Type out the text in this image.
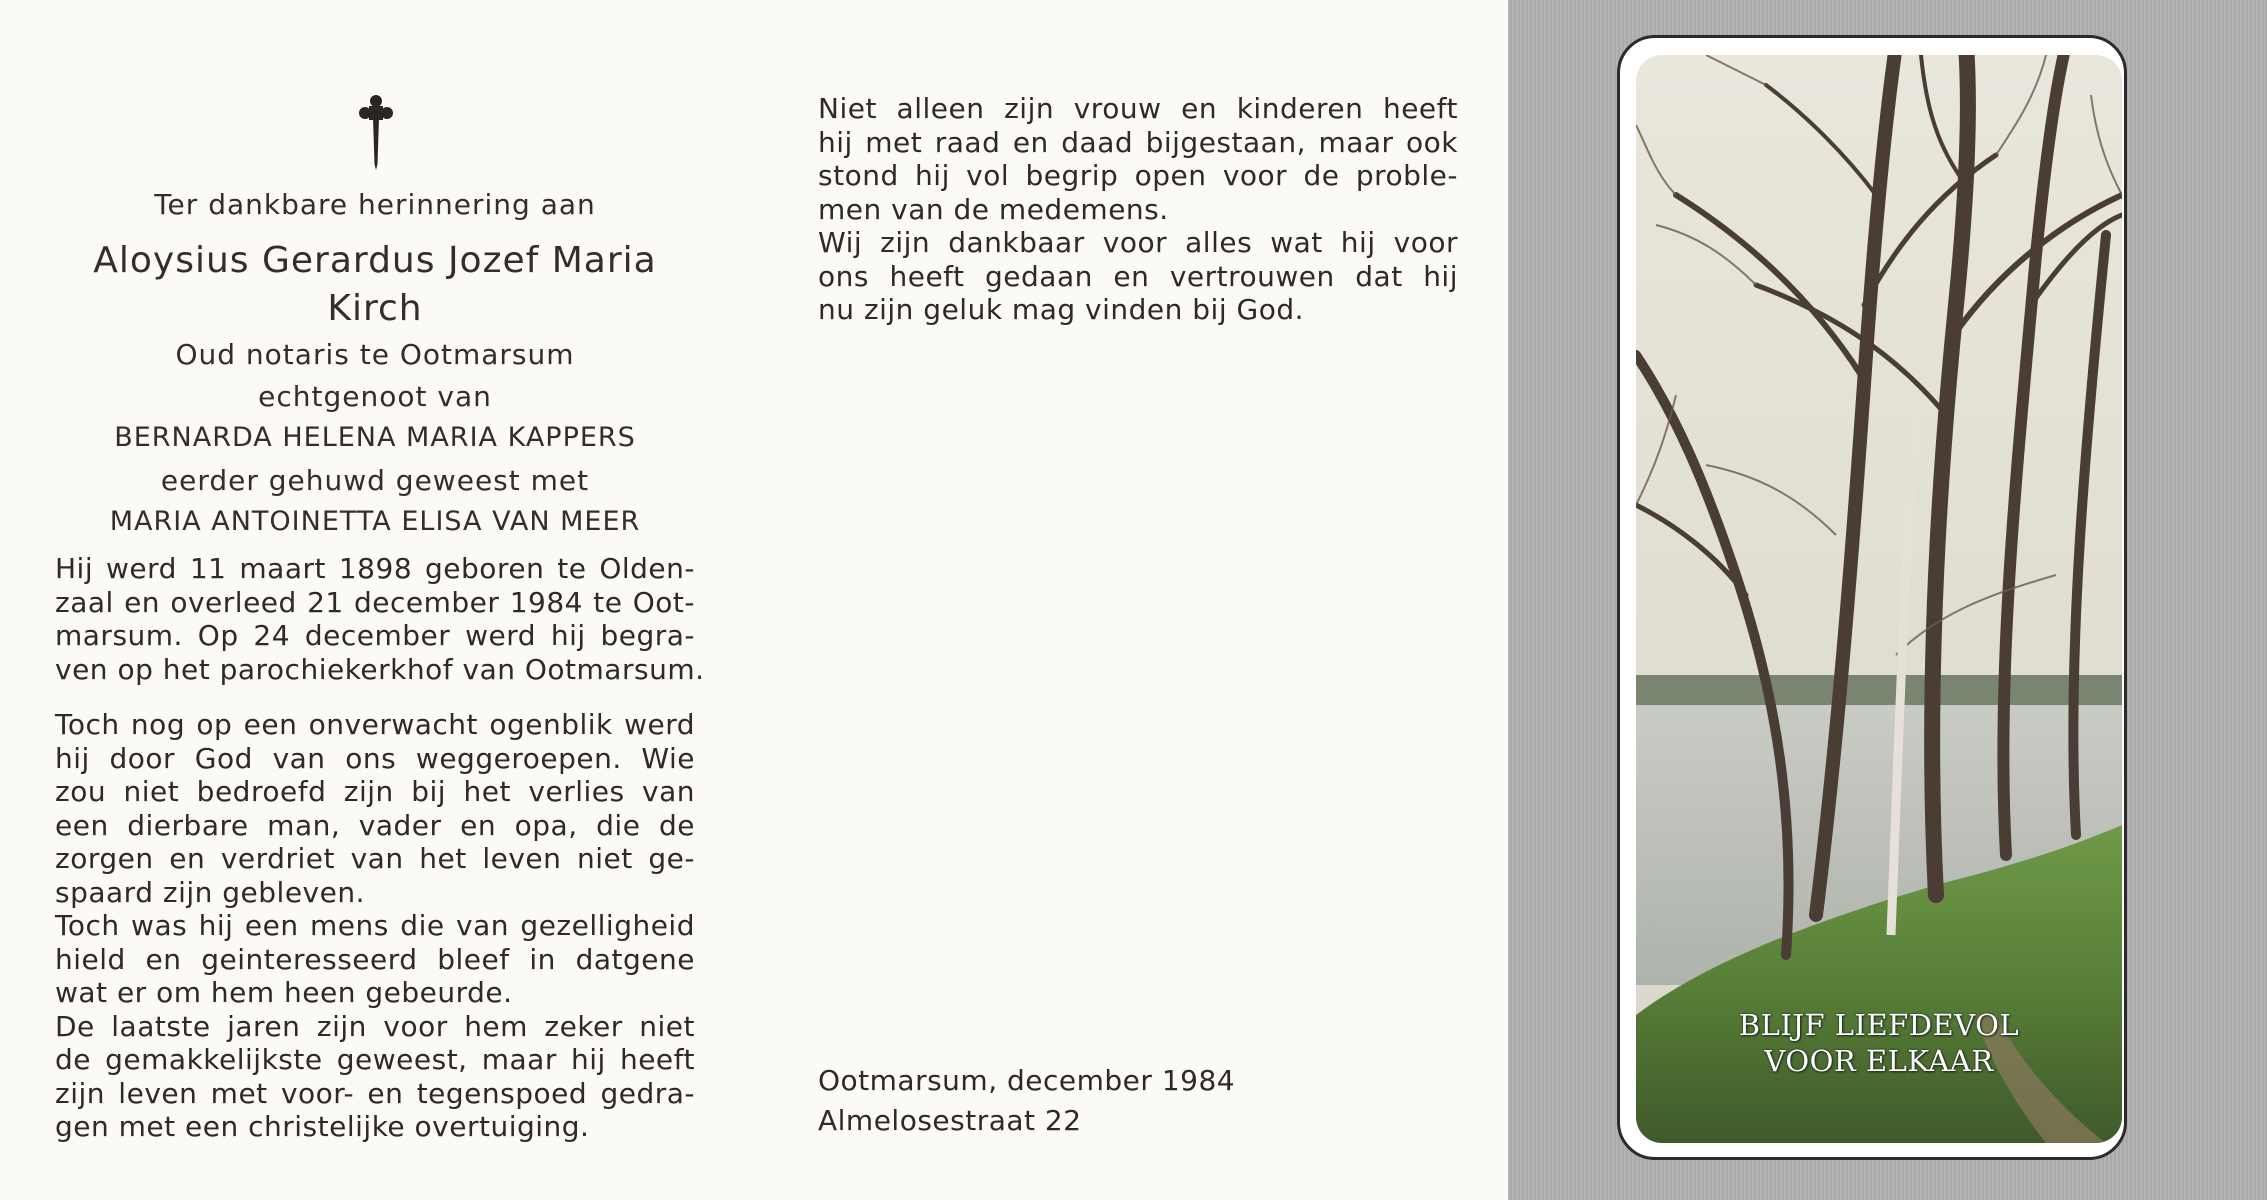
Ter dankbare herinnering aan
Aloysius Gerardus Jozef Maria
Kirch
Oud notaris te Ootmarsum
echtgenoot van
BERNARDA HELENA MARIA KAPPERS
eerder gehuwd geweest met
MARIA ANTOINETTA ELISA VAN MEER
Hij werd 11 maart 1898 geboren te Olden-
zaal en overleed 21 december 1984 te Oot-
marsum. Op 24 december werd hij begra-
ven op het parochiekerkhof van Ootmarsum.
Toch nog op een onverwacht ogenblik werd
hij door God van ons weggeroepen. Wie
zou niet bedroefd zijn bij het verlies van
een dierbare man, vader en opa, die de
zorgen en verdriet van het leven niet ge-
spaard zijn gebleven.
Toch was hij een mens die van gezelligheid
hield en geinteresseerd bleef in datgene
wat er om hem heen gebeurde.
De laatste jaren zijn voor hem zeker niet
de gemakkelijkste geweest, maar hij heeft
zijn leven met voor- en tegenspoed gedra-
gen met een christelijke overtuiging.
Niet alleen zijn vrouw en kinderen heeft
hij met raad en daad bijgestaan, maar ook
stond hij vol begrip open voor de proble-
men van de medemens.
Wij zijn dankbaar voor alles wat hij voor
ons heeft gedaan en vertrouwen dat hij
nu zijn geluk mag vinden bij God.
Ootmarsum, december 1984
Almelosestraat 22
BLIJF LIEFDEVOL
VOOR ELKAAR
